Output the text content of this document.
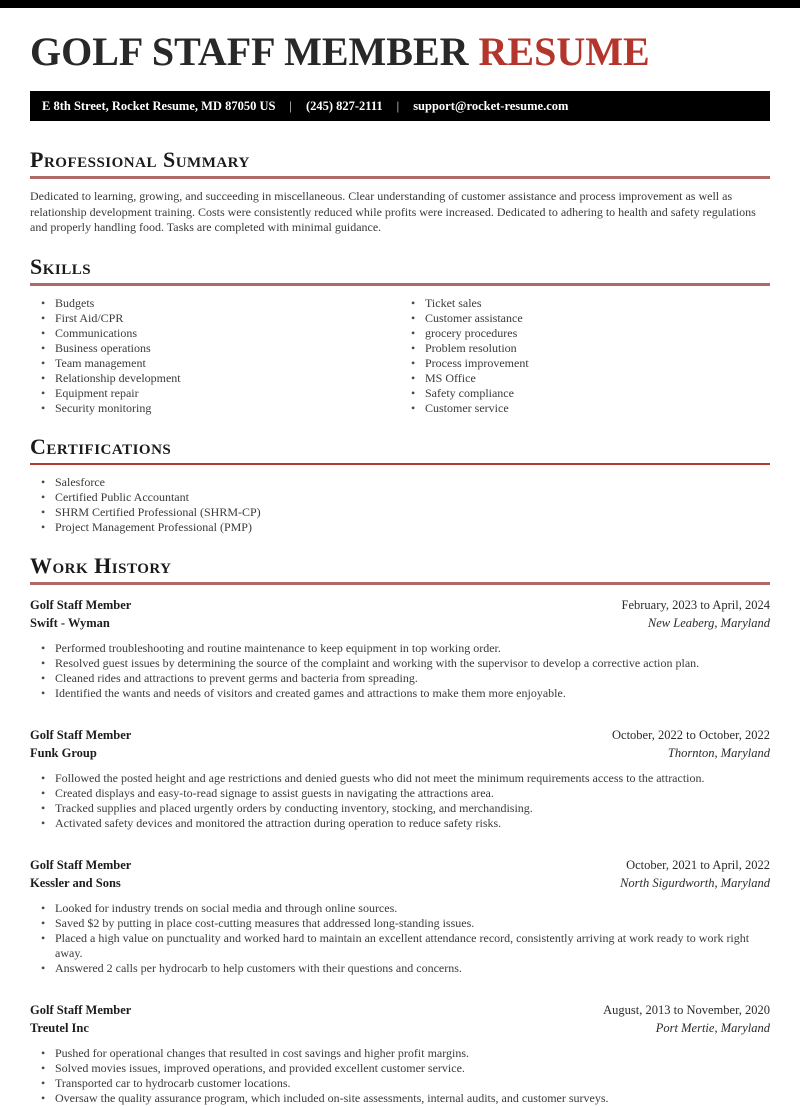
GOLF STAFF MEMBER RESUME
E 8th Street, Rocket Resume, MD 87050 US | (245) 827-2111 | support@rocket-resume.com
Professional Summary

Dedicated to learning, growing, and succeeding in miscellaneous. Clear understanding of customer assistance and process improvement as well as relationship development training. Costs were consistently reduced while profits were increased. Dedicated to adhering to health and safety regulations and properly handling food. Tasks are completed with minimal guidance.

Skills
• Budgets
• First Aid/CPR
• Communications
• Business operations
• Team management
• Relationship development
• Equipment repair
• Security monitoring
• Ticket sales
• Customer assistance
• grocery procedures
• Problem resolution
• Process improvement
• MS Office
• Safety compliance
• Customer service
Certifications
• Salesforce
• Certified Public Accountant
• SHRM Certified Professional (SHRM-CP)
• Project Management Professional (PMP)
Work History
Golf Staff Member	February, 2023 to April, 2024
Swift - Wyman	New Leaberg, Maryland
• Performed troubleshooting and routine maintenance to keep equipment in top working order.
• Resolved guest issues by determining the source of the complaint and working with the supervisor to develop a corrective action plan.
• Cleaned rides and attractions to prevent germs and bacteria from spreading.
• Identified the wants and needs of visitors and created games and attractions to make them more enjoyable.
Golf Staff Member	October, 2022 to October, 2022
Funk Group	Thornton, Maryland
• Followed the posted height and age restrictions and denied guests who did not meet the minimum requirements access to the attraction.
• Created displays and easy-to-read signage to assist guests in navigating the attractions area.
• Tracked supplies and placed urgently orders by conducting inventory, stocking, and merchandising.
• Activated safety devices and monitored the attraction during operation to reduce safety risks.
Golf Staff Member	October, 2021 to April, 2022
Kessler and Sons	North Sigurdworth, Maryland
• Looked for industry trends on social media and through online sources.
• Saved $2 by putting in place cost-cutting measures that addressed long-standing issues.
• Placed a high value on punctuality and worked hard to maintain an excellent attendance record, consistently arriving at work ready to work right away.
• Answered 2 calls per hydrocarb to help customers with their questions and concerns.
Golf Staff Member	August, 2013 to November, 2020
Treutel Inc	Port Mertie, Maryland
• Pushed for operational changes that resulted in cost savings and higher profit margins.
• Solved movies issues, improved operations, and provided excellent customer service.
• Transported car to hydrocarb customer locations.
• Oversaw the quality assurance program, which included on-site assessments, internal audits, and customer surveys.
